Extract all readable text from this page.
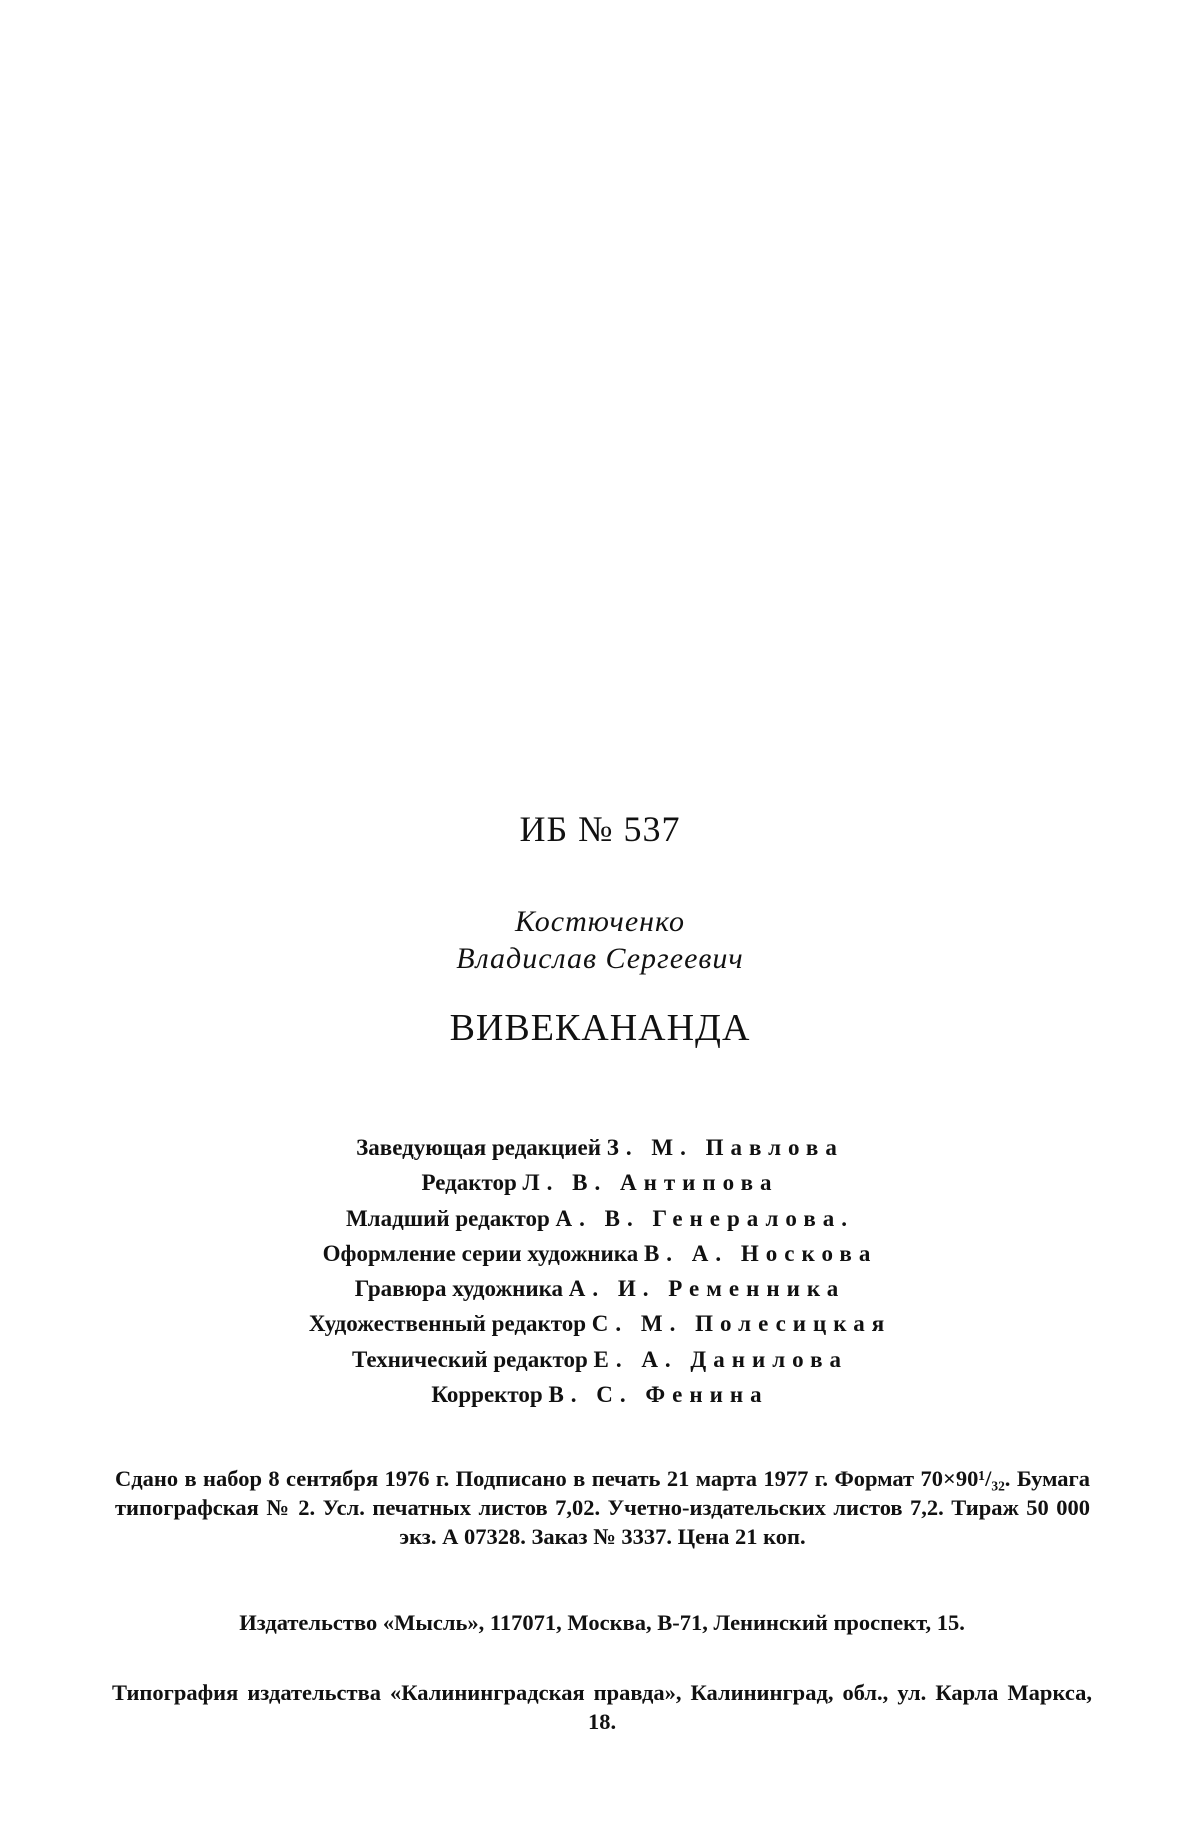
ИБ № 537
Костюченко
Владислав Сергеевич
ВИВЕКАНАНДА
Заведующая редакцией З. М. Павлова
Редактор Л. В. Антипова
Младший редактор А. В. Генералова.
Оформление серии художника В. А. Носкова
Гравюра художника А. И. Ременника
Художественный редактор С. М. Полесицкая
Технический редактор Е. А. Данилова
Корректор В. С. Фенина
Сдано в набор 8 сентября 1976 г. Подписано в печать 21 марта 1977 г. Формат 70×90¹/₃₂. Бумага типографская № 2. Усл. печатных листов 7,02. Учетно-издательских листов 7,2. Тираж 50 000 экз. А 07328. Заказ № 3337. Цена 21 коп.
Издательство «Мысль», 117071, Москва, В-71, Ленинский проспект, 15.
Типография издательства «Калининградская правда», Калининград, обл., ул. Карла Маркса, 18.
